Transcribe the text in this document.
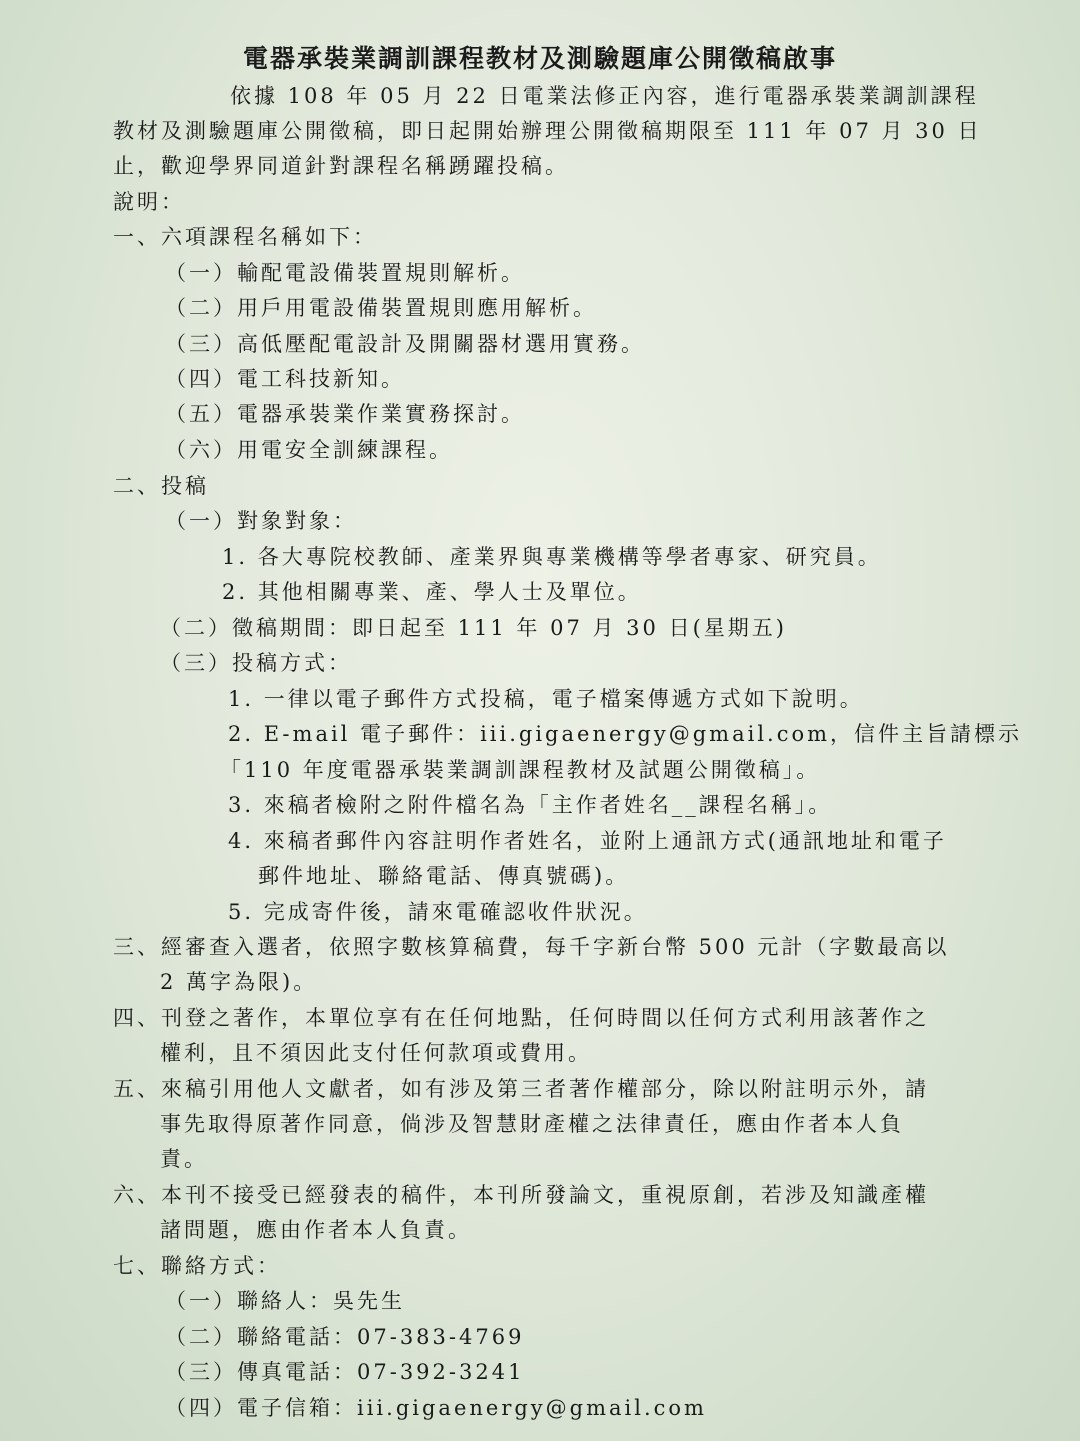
電器承裝業調訓課程教材及測驗題庫公開徵稿啟事
依據 108 年 05 月 22 日電業法修正內容，進行電器承裝業調訓課程
教材及測驗題庫公開徵稿，即日起開始辦理公開徵稿期限至 111 年 07 月 30 日
止，歡迎學界同道針對課程名稱踴躍投稿。
說明：
一、六項課程名稱如下：
（一）輸配電設備裝置規則解析。
（二）用戶用電設備裝置規則應用解析。
（三）高低壓配電設計及開關器材選用實務。
（四）電工科技新知。
（五）電器承裝業作業實務探討。
（六）用電安全訓練課程。
二、投稿
（一）對象對象：
1. 各大專院校教師、產業界與專業機構等學者專家、研究員。
2. 其他相關專業、產、學人士及單位。
（二）徵稿期間：即日起至 111 年 07 月 30 日(星期五)
（三）投稿方式：
1. 一律以電子郵件方式投稿，電子檔案傳遞方式如下說明。
2. E-mail 電子郵件：iii.gigaenergy@gmail.com，信件主旨請標示
「110 年度電器承裝業調訓課程教材及試題公開徵稿」。
3. 來稿者檢附之附件檔名為「主作者姓名__課程名稱」。
4. 來稿者郵件內容註明作者姓名，並附上通訊方式(通訊地址和電子
郵件地址、聯絡電話、傳真號碼)。
5. 完成寄件後，請來電確認收件狀況。
三、經審查入選者，依照字數核算稿費，每千字新台幣 500 元計（字數最高以
2 萬字為限)。
四、刊登之著作，本單位享有在任何地點，任何時間以任何方式利用該著作之
權利，且不須因此支付任何款項或費用。
五、來稿引用他人文獻者，如有涉及第三者著作權部分，除以附註明示外，請
事先取得原著作同意，倘涉及智慧財產權之法律責任，應由作者本人負
責。
六、本刊不接受已經發表的稿件，本刊所發論文，重視原創，若涉及知識產權
諸問題，應由作者本人負責。
七、聯絡方式：
（一）聯絡人：吳先生
（二）聯絡電話：07-383-4769
（三）傳真電話：07-392-3241
（四）電子信箱：iii.gigaenergy@gmail.com
